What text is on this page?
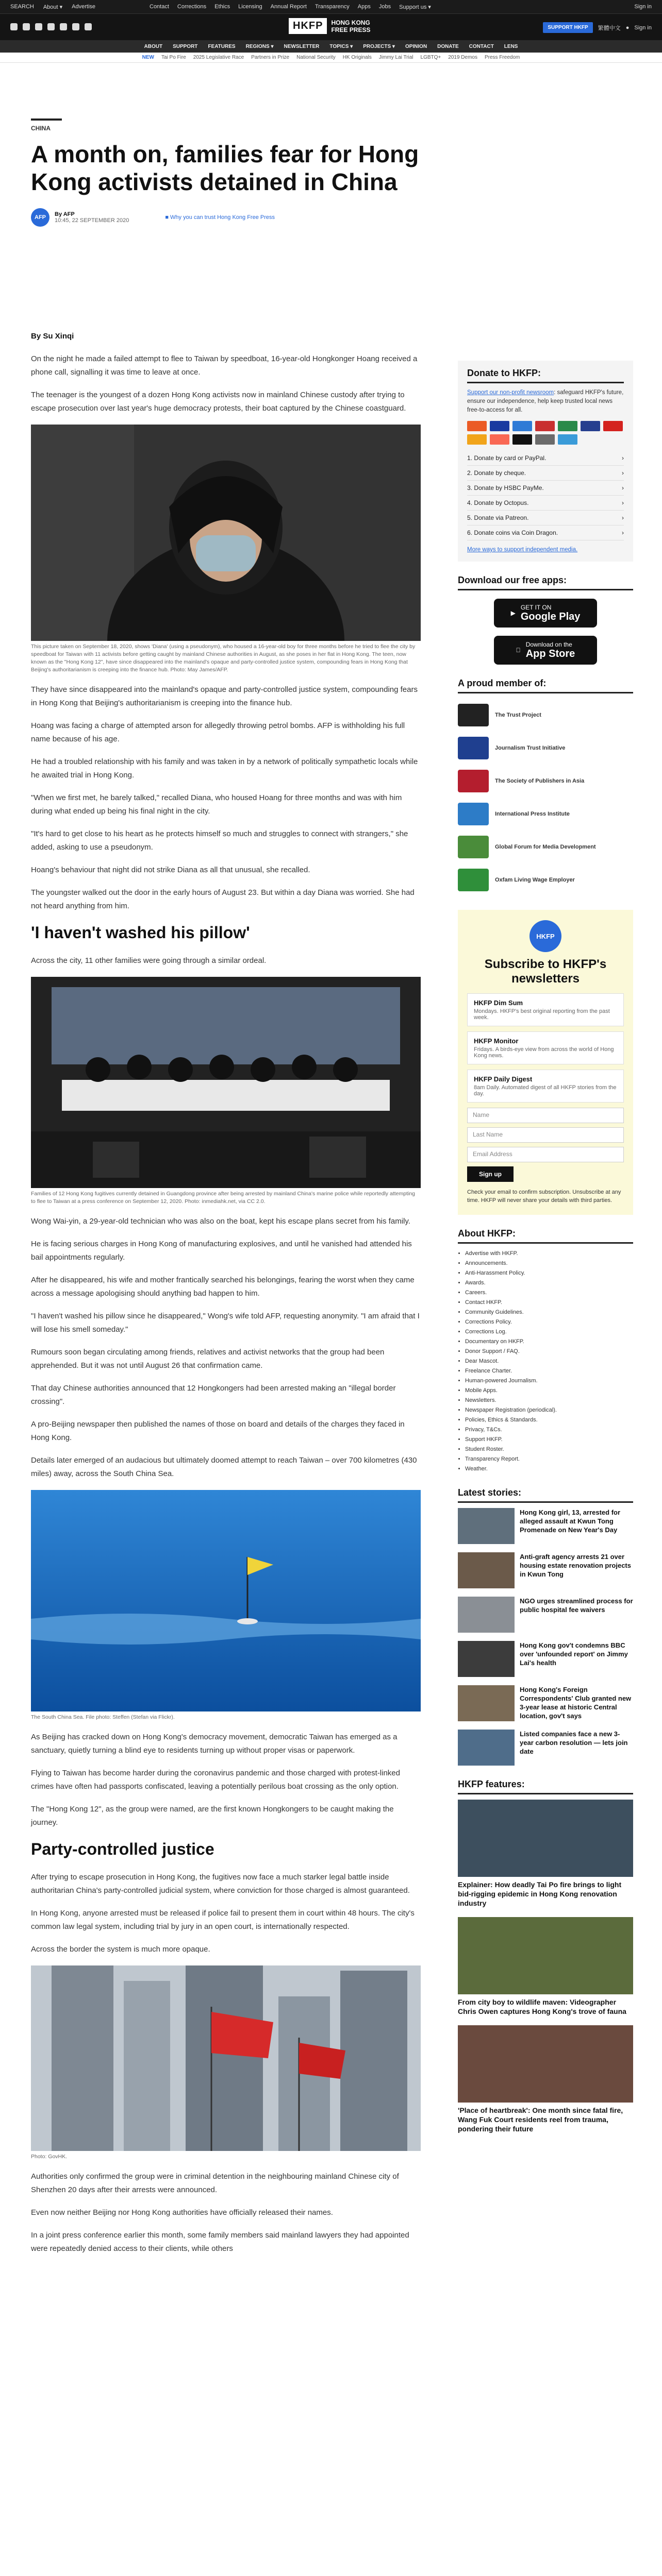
SEARCH About ▾ Advertise	Contact Corrections Ethics Licensing Annual Report Transparency Apps Jobs Support us ▾	Sign in
HKFP	HONG KONG
FREE PRESS	SUPPORT HKFP	繁體中文 ● Sign in
ABOUT SUPPORT FEATURES REGIONS ▾ NEWSLETTER TOPICS ▾ PROJECTS ▾ OPINION DONATE CONTACT LENS
NEW Tai Po Fire 2025 Legislative Race Partners in Prize National Security HK Originals Jimmy Lai Trial LGBTQ+ 2019 Demos Press Freedom
CHINA
A month on, families fear for Hong Kong activists detained in China
AFP	By AFP
10:45, 22 SEPTEMBER 2020	■ Why you can trust Hong Kong Free Press

By Su Xinqi

On the night he made a failed attempt to flee to Taiwan by speedboat, 16-year-old Hongkonger Hoang received a phone call, signalling it was time to leave at once.

The teenager is the youngest of a dozen Hong Kong activists now in mainland Chinese custody after trying to escape prosecution over last year's huge democracy protests, their boat captured by the Chinese coastguard.

This picture taken on September 18, 2020, shows 'Diana' (using a pseudonym), who housed a 16-year-old boy for three months before he tried to flee the city by speedboat for Taiwan with 11 activists before getting caught by mainland Chinese authorities in August, as she poses in her flat in Hong Kong. The teen, now known as the "Hong Kong 12", have since disappeared into the mainland's opaque and party-controlled justice system, compounding fears in Hong Kong that Beijing's authoritarianism is creeping into the finance hub. Photo: May James/AFP.

They have since disappeared into the mainland's opaque and party-controlled justice system, compounding fears in Hong Kong that Beijing's authoritarianism is creeping into the finance hub.

Hoang was facing a charge of attempted arson for allegedly throwing petrol bombs. AFP is withholding his full name because of his age.

He had a troubled relationship with his family and was taken in by a network of politically sympathetic locals while he awaited trial in Hong Kong.

"When we first met, he barely talked," recalled Diana, who housed Hoang for three months and was with him during what ended up being his final night in the city.

"It's hard to get close to his heart as he protects himself so much and struggles to connect with strangers," she added, asking to use a pseudonym.

Hoang's behaviour that night did not strike Diana as all that unusual, she recalled.

The youngster walked out the door in the early hours of August 23. But within a day Diana was worried. She had not heard anything from him.

'I haven't washed his pillow'

Across the city, 11 other families were going through a similar ordeal.

Families of 12 Hong Kong fugitives currently detained in Guangdong province after being arrested by mainland China's marine police while reportedly attempting to flee to Taiwan at a press conference on September 12, 2020. Photo: inmediahk.net, via CC 2.0.

Wong Wai-yin, a 29-year-old technician who was also on the boat, kept his escape plans secret from his family.

He is facing serious charges in Hong Kong of manufacturing explosives, and until he vanished had attended his bail appointments regularly.

After he disappeared, his wife and mother frantically searched his belongings, fearing the worst when they came across a message apologising should anything bad happen to him.

"I haven't washed his pillow since he disappeared," Wong's wife told AFP, requesting anonymity. "I am afraid that I will lose his smell someday."

Rumours soon began circulating among friends, relatives and activist networks that the group had been apprehended. But it was not until August 26 that confirmation came.

That day Chinese authorities announced that 12 Hongkongers had been arrested making an "illegal border crossing".

A pro-Beijing newspaper then published the names of those on board and details of the charges they faced in Hong Kong.

Details later emerged of an audacious but ultimately doomed attempt to reach Taiwan – over 700 kilometres (430 miles) away, across the South China Sea.

The South China Sea. File photo: Steffen (Stefan via Flickr).

As Beijing has cracked down on Hong Kong's democracy movement, democratic Taiwan has emerged as a sanctuary, quietly turning a blind eye to residents turning up without proper visas or paperwork.

Flying to Taiwan has become harder during the coronavirus pandemic and those charged with protest-linked crimes have often had passports confiscated, leaving a potentially perilous boat crossing as the only option.

The "Hong Kong 12", as the group were named, are the first known Hongkongers to be caught making the journey.

Party-controlled justice

After trying to escape prosecution in Hong Kong, the fugitives now face a much starker legal battle inside authoritarian China's party-controlled judicial system, where conviction for those charged is almost guaranteed.

In Hong Kong, anyone arrested must be released if police fail to present them in court within 48 hours. The city's common law legal system, including trial by jury in an open court, is internationally respected.

Across the border the system is much more opaque.

Photo: GovHK.

Authorities only confirmed the group were in criminal detention in the neighbouring mainland Chinese city of Shenzhen 20 days after their arrests were announced.

Even now neither Beijing nor Hong Kong authorities have officially released their names.

In a joint press conference earlier this month, some family members said mainland lawyers they had appointed were repeatedly denied access to their clients, while others

Donate to HKFP:
Support our non-profit newsroom: safeguard HKFP's future, ensure our independence, help keep trusted local news free-to-access for all.
1. Donate by card or PayPal.	›
2. Donate by cheque.	›
3. Donate by HSBC PayMe.	›
4. Donate by Octopus.	›
5. Donate via Patreon.	›
6. Donate coins via Coin Dragon.	›
More ways to support independent media.
Download our free apps:
▶
GET IT ON
Google Play
Download on the
App Store
A proud member of:
The Trust Project
Journalism Trust Initiative
The Society of Publishers in Asia
International Press Institute
Global Forum for Media Development
Oxfam Living Wage Employer
HKFP
Subscribe to HKFP's newsletters
HKFP Dim Sum
Mondays. HKFP's best original reporting from the past week.
HKFP Monitor
Fridays. A birds-eye view from across the world of Hong Kong news.
HKFP Daily Digest
8am Daily. Automated digest of all HKFP stories from the day.
Name
Last Name
Email Address
Sign up
Check your email to confirm subscription. Unsubscribe at any time. HKFP will never share your details with third parties.
About HKFP:
• Advertise with HKFP.
• Announcements.
• Anti-Harassment Policy.
• Awards.
• Careers.
• Contact HKFP.
• Community Guidelines.
• Corrections Policy.
• Corrections Log.
• Documentary on HKFP.
• Donor Support / FAQ.
• Dear Mascot.
• Freelance Charter.
• Human-powered Journalism.
• Mobile Apps.
• Newsletters.
• Newspaper Registration (periodical).
• Policies, Ethics & Standards.
• Privacy, T&Cs.
• Support HKFP.
• Student Roster.
• Transparency Report.
• Weather.
Latest stories:
Hong Kong girl, 13, arrested for alleged assault at Kwun Tong Promenade on New Year's Day
Anti-graft agency arrests 21 over housing estate renovation projects in Kwun Tong
NGO urges streamlined process for public hospital fee waivers
Hong Kong gov't condemns BBC over 'unfounded report' on Jimmy Lai's health
Hong Kong's Foreign Correspondents' Club granted new 3-year lease at historic Central location, gov't says
Listed companies face a new 3-year carbon resolution — lets join date
HKFP features:
Explainer: How deadly Tai Po fire brings to light bid-rigging epidemic in Hong Kong renovation industry
From city boy to wildlife maven: Videographer Chris Owen captures Hong Kong's trove of fauna
'Place of heartbreak': One month since fatal fire, Wang Fuk Court residents reel from trauma, pondering their future
